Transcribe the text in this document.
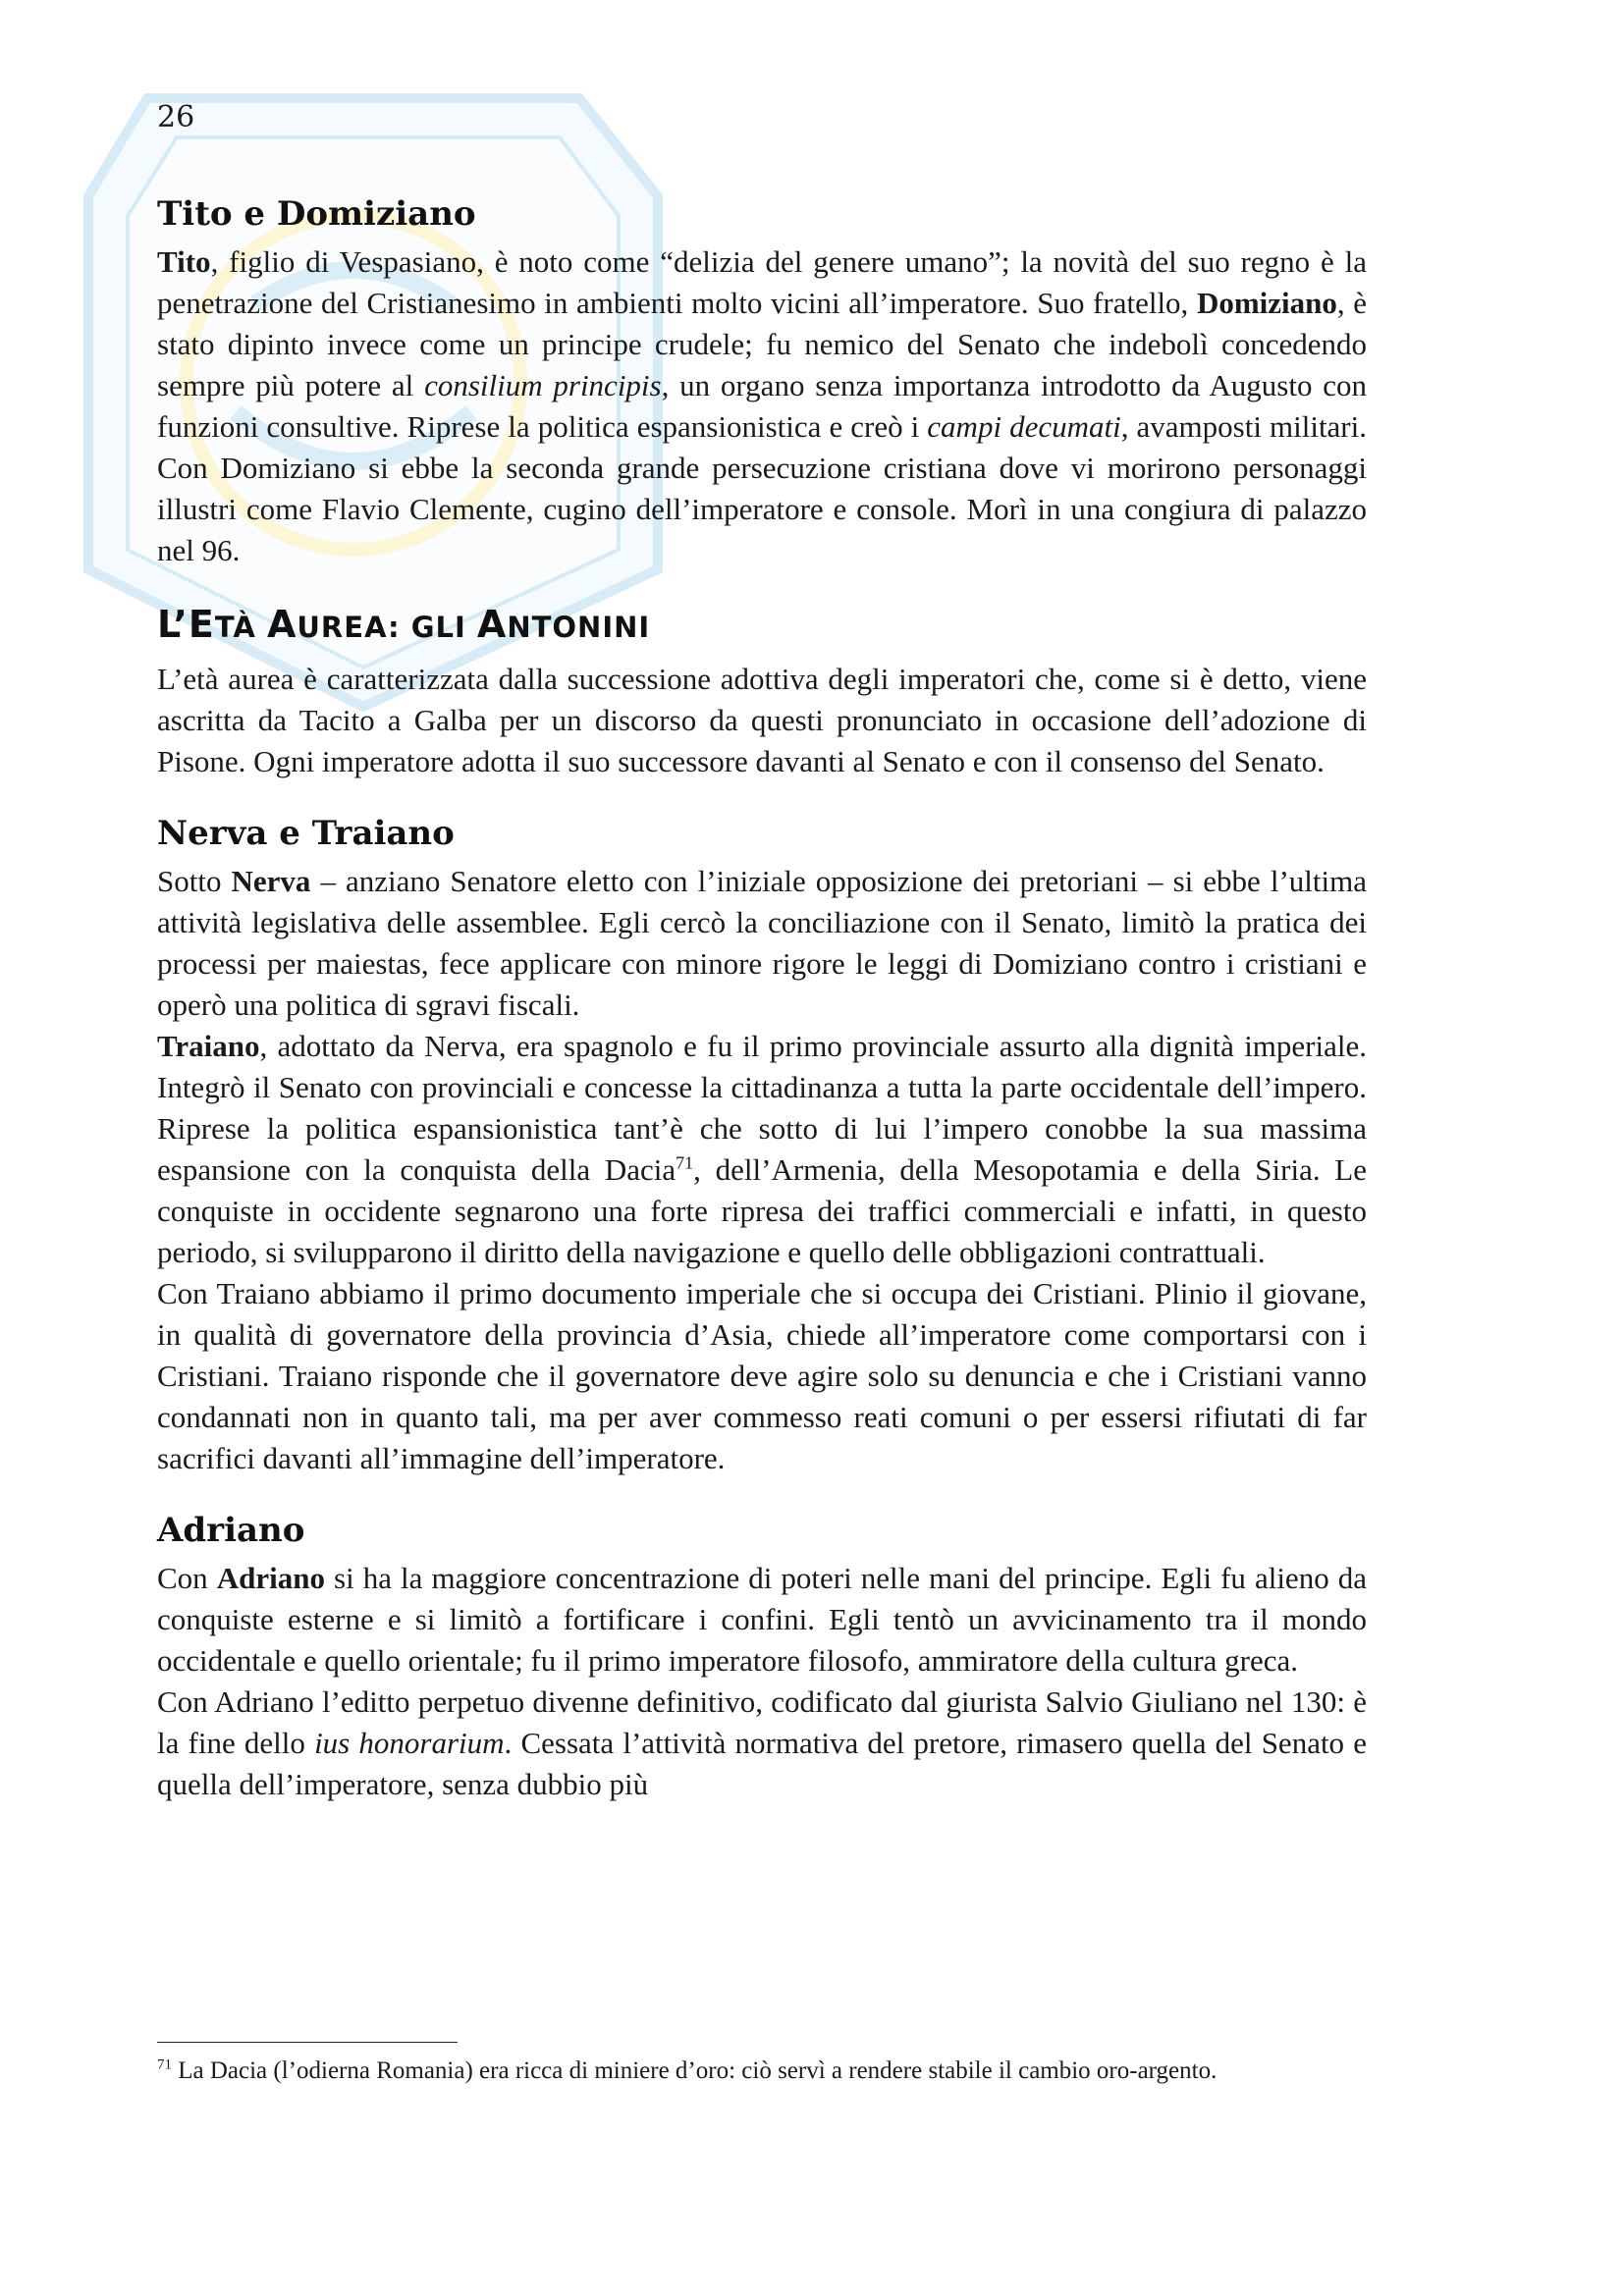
26
Tito e Domiziano

Tito, figlio di Vespasiano, è noto come “delizia del genere umano”; la novità del suo regno è la penetrazione del Cristianesimo in ambienti molto vicini all’imperatore. Suo fratello, Domiziano, è stato dipinto invece come un principe crudele; fu nemico del Senato che indebolì concedendo sempre più potere al consilium principis, un organo senza importanza introdotto da Augusto con funzioni consultive. Riprese la politica espansionistica e creò i campi decumati, avamposti militari. Con Domiziano si ebbe la seconda grande persecuzione cristiana dove vi morirono personaggi illustri come Flavio Clemente, cugino dell’imperatore e console. Morì in una congiura di palazzo nel 96.

L’ETÀ AUREA: GLI ANTONINI

L’età aurea è caratterizzata dalla successione adottiva degli imperatori che, come si è detto, viene ascritta da Tacito a Galba per un discorso da questi pronunciato in occasione dell’adozione di Pisone. Ogni imperatore adotta il suo successore davanti al Senato e con il consenso del Senato.

Nerva e Traiano

Sotto Nerva – anziano Senatore eletto con l’iniziale opposizione dei pretoriani – si ebbe l’ultima attività legislativa delle assemblee. Egli cercò la conciliazione con il Senato, limitò la pratica dei processi per maiestas, fece applicare con minore rigore le leggi di Domiziano contro i cristiani e operò una politica di sgravi fiscali.

Traiano, adottato da Nerva, era spagnolo e fu il primo provinciale assurto alla dignità imperiale. Integrò il Senato con provinciali e concesse la cittadinanza a tutta la parte occidentale dell’impero. Riprese la politica espansionistica tant’è che sotto di lui l’impero conobbe la sua massima espansione con la conquista della Dacia$^{71}$, dell’Armenia, della Mesopotamia e della Siria. Le conquiste in occidente segnarono una forte ripresa dei traffici commerciali e infatti, in questo periodo, si svilupparono il diritto della navigazione e quello delle obbligazioni contrattuali.

Con Traiano abbiamo il primo documento imperiale che si occupa dei Cristiani. Plinio il giovane, in qualità di governatore della provincia d’Asia, chiede all’imperatore come comportarsi con i Cristiani. Traiano risponde che il governatore deve agire solo su denuncia e che i Cristiani vanno condannati non in quanto tali, ma per aver commesso reati comuni o per essersi rifiutati di far sacrifici davanti all’immagine dell’imperatore.

Adriano

Con Adriano si ha la maggiore concentrazione di poteri nelle mani del principe. Egli fu alieno da conquiste esterne e si limitò a fortificare i confini. Egli tentò un avvicinamento tra il mondo occidentale e quello orientale; fu il primo imperatore filosofo, ammiratore della cultura greca.

Con Adriano l’editto perpetuo divenne definitivo, codificato dal giurista Salvio Giuliano nel 130: è la fine dello ius honorarium. Cessata l’attività normativa del pretore, rimasero quella del Senato e quella dell’imperatore, senza dubbio più

$^{71}$ La Dacia (l’odierna Romania) era ricca di miniere d’oro: ciò servì a rendere stabile il cambio oro-argento.
